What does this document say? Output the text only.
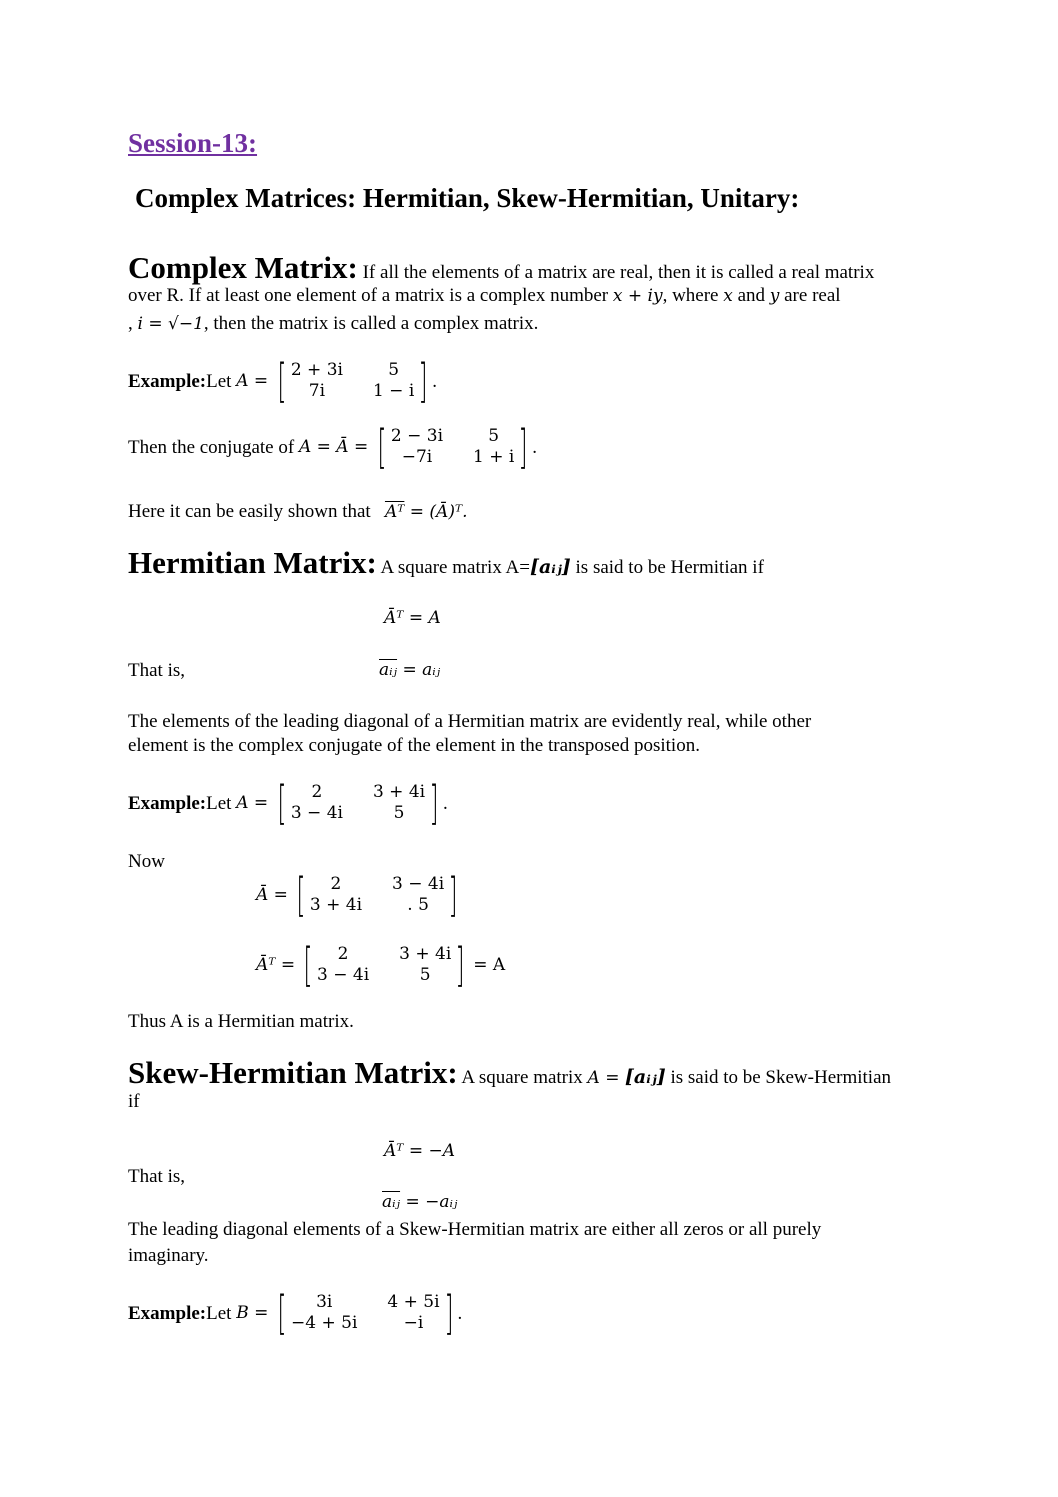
Session-13:
Complex Matrices: Hermitian, Skew-Hermitian, Unitary:
Complex Matrix: If all the elements of a matrix are real, then it is called a real matrix
over R. If at least one element of a matrix is a complex number x + iy, where x and y are real
, i = √−1, then the matrix is called a complex matrix.
Example: Let
A =
[ 2 + 3i	5
7i	1 − i ] .
Then the conjugate of
A = Ā =
[ 2 − 3i	5
−7i	1 + i ] .
Here it can be easily shown that   $\overline{Aᵀ}$ = (Ā)ᵀ.
Hermitian Matrix: A square matrix A=[aᵢⱼ] is said to be Hermitian if
Āᵀ = A
That is,	$\overline{aᵢⱼ}$ = aᵢⱼ
The elements of the leading diagonal of a Hermitian matrix are evidently real, while other
element is the complex conjugate of the element in the transposed position.
Example: Let
A =
[	2	3 + 4i
3 − 4i	5 ] .
Now
Ā =
[	2	3 − 4i
3 + 4i	. 5 ]
Āᵀ =
[	2	3 + 4i
3 − 4i	5 ]
= A
Thus A is a Hermitian matrix.
Skew-Hermitian Matrix: A square matrix A = [aᵢⱼ] is said to be Skew-Hermitian
if
Āᵀ = −A
That is,
$\overline{aᵢⱼ}$ = −aᵢⱼ
The leading diagonal elements of a Skew-Hermitian matrix are either all zeros or all purely
imaginary.
Example: Let
B =
[	3i	4 + 5i
−4 + 5i	−i ] .
